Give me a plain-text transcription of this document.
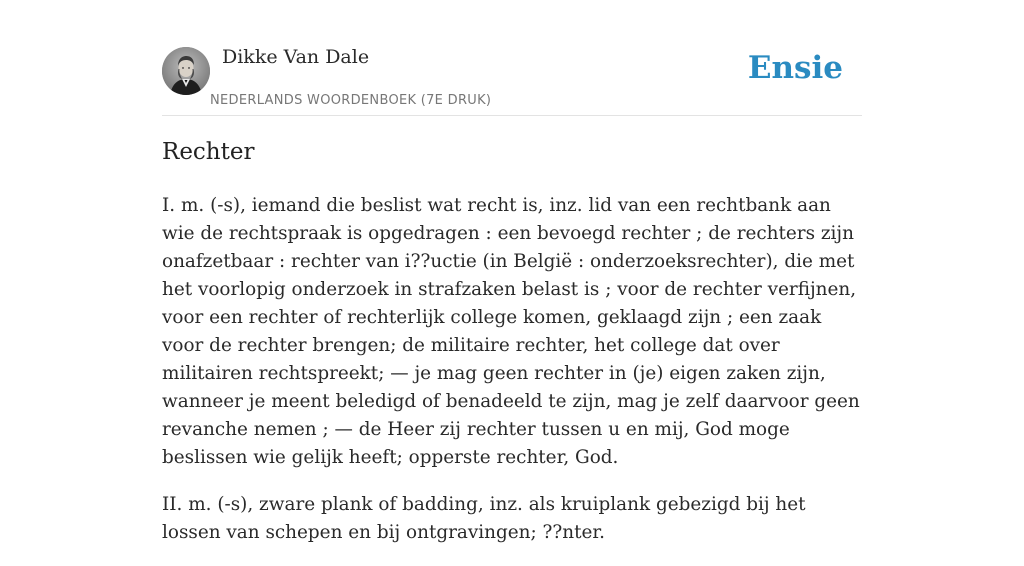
Dikke Van Dale
NEDERLANDS WOORDENBOEK (7E DRUK)
Ensie
Rechter

I. m. (-s), iemand die beslist wat recht is, inz. lid van een rechtbank aan wie de rechtspraak is opgedragen : een bevoegd rechter ; de rechters zijn onafzetbaar : rechter van i??uctie (in België : onderzoeksrechter), die met het voorlopig onderzoek in strafzaken belast is ; voor de rechter verfijnen, voor een rechter of rechterlijk college komen, geklaagd zijn ; een zaak voor de rechter brengen; de militaire rechter, het college dat over militairen rechtspreekt; — je mag geen rechter in (je) eigen zaken zijn, wanneer je meent beledigd of benadeeld te zijn, mag je zelf daarvoor geen revanche nemen ; — de Heer zij rechter tussen u en mij, God moge beslissen wie gelijk heeft; opperste rechter, God.

II. m. (-s), zware plank of badding, inz. als kruiplank gebezigd bij het lossen van schepen en bij ontgravingen; ??nter.
